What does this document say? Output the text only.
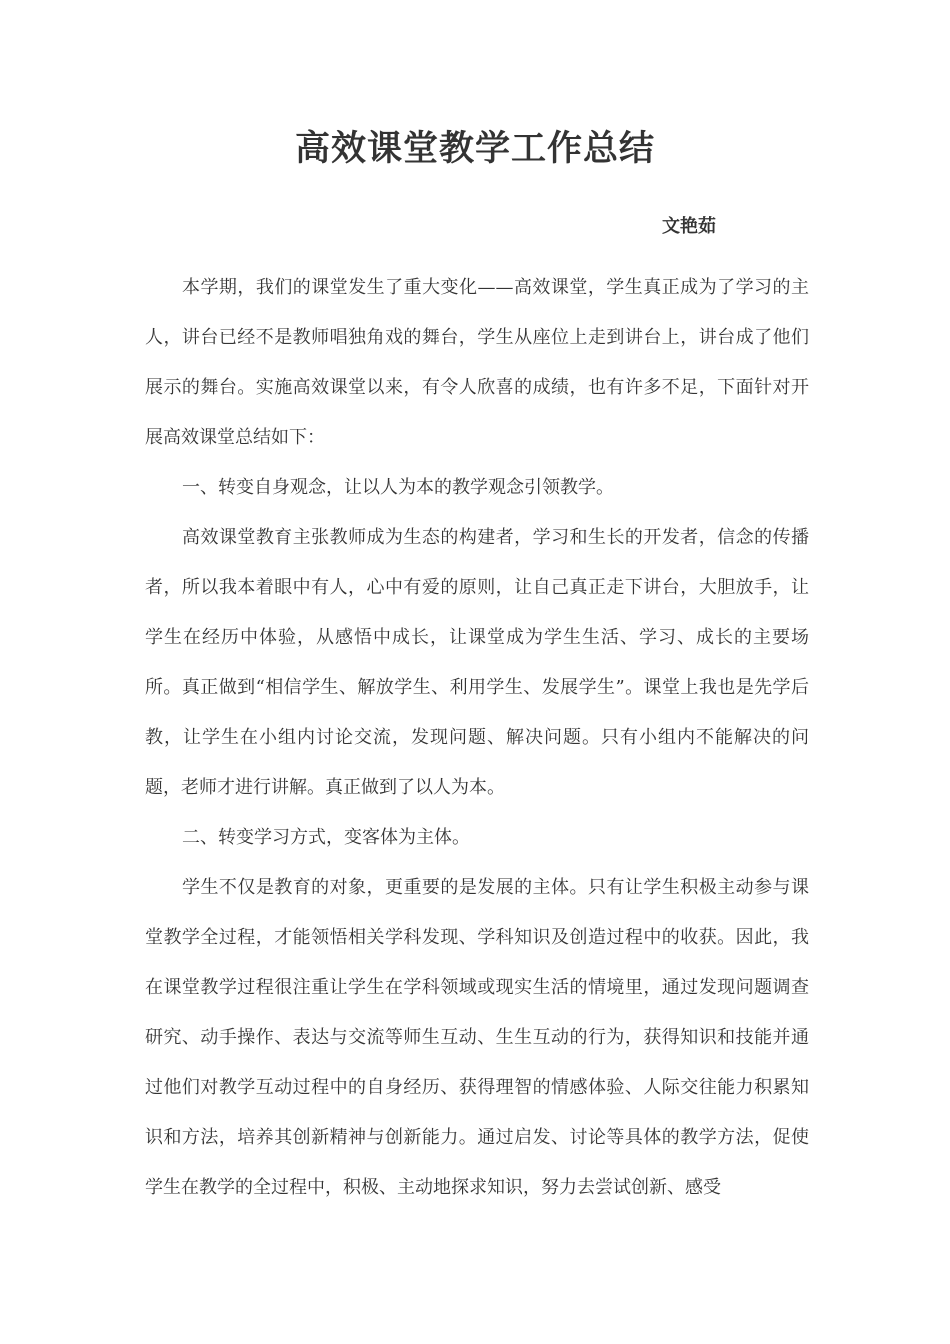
高效课堂教学工作总结
文艳茹

本学期，我们的课堂发生了重大变化——高效课堂，学生真正成为了学习的主人，讲台已经不是教师唱独角戏的舞台，学生从座位上走到讲台上，讲台成了他们展示的舞台。实施高效课堂以来，有令人欣喜的成绩，也有许多不足，下面针对开展高效课堂总结如下：

一、转变自身观念，让以人为本的教学观念引领教学。

高效课堂教育主张教师成为生态的构建者，学习和生长的开发者，信念的传播者，所以我本着眼中有人，心中有爱的原则，让自己真正走下讲台，大胆放手，让学生在经历中体验，从感悟中成长，让课堂成为学生生活、学习、成长的主要场所。真正做到“相信学生、解放学生、利用学生、发展学生”。课堂上我也是先学后教，让学生在小组内讨论交流，发现问题、解决问题。只有小组内不能解决的问题，老师才进行讲解。真正做到了以人为本。

二、转变学习方式，变客体为主体。

学生不仅是教育的对象，更重要的是发展的主体。只有让学生积极主动参与课堂教学全过程，才能领悟相关学科发现、学科知识及创造过程中的收获。因此，我在课堂教学过程很注重让学生在学科领域或现实生活的情境里，通过发现问题调查研究、动手操作、表达与交流等师生互动、生生互动的行为，获得知识和技能并通过他们对教学互动过程中的自身经历、获得理智的情感体验、人际交往能力积累知识和方法，培养其创新精神与创新能力。通过启发、讨论等具体的教学方法，促使学生在教学的全过程中，积极、主动地探求知识，努力去尝试创新、感受
